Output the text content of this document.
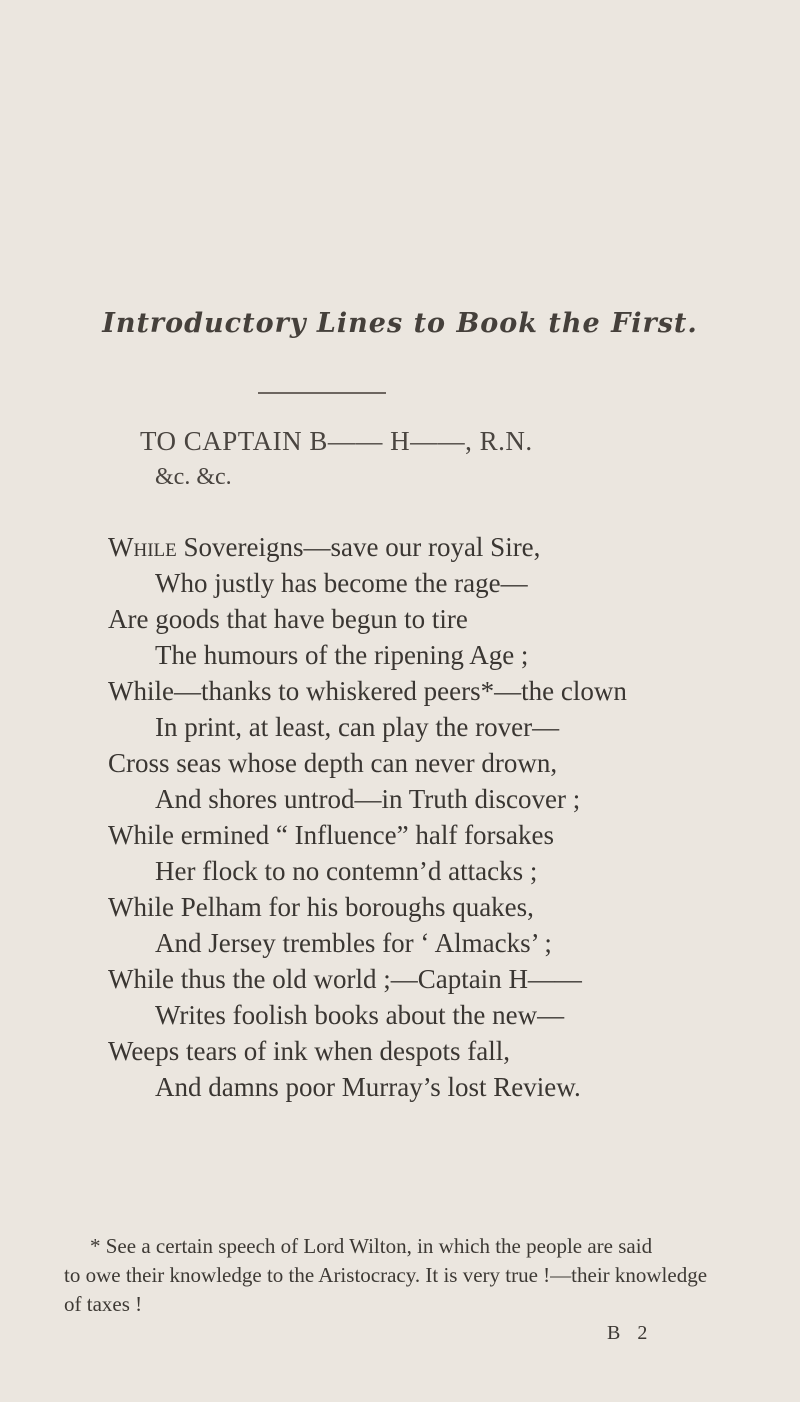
Introductory Lines to Book the First.
TO CAPTAIN B—— H——, R.N.
&c. &c.
While Sovereigns—save our royal Sire,
Who justly has become the rage—
Are goods that have begun to tire
The humours of the ripening Age ;
While—thanks to whiskered peers*—the clown
In print, at least, can play the rover—
Cross seas whose depth can never drown,
And shores untrod—in Truth discover ;
While ermined “ Influence” half forsakes
Her flock to no contemn’d attacks ;
While Pelham for his boroughs quakes,
And Jersey trembles for ‘ Almacks’ ;
While thus the old world ;—Captain H——
Writes foolish books about the new—
Weeps tears of ink when despots fall,
And damns poor Murray’s lost Review.
* See a certain speech of Lord Wilton, in which the people are said
to owe their knowledge to the Aristocracy. It is very true !—their knowledge of taxes !
B 2
